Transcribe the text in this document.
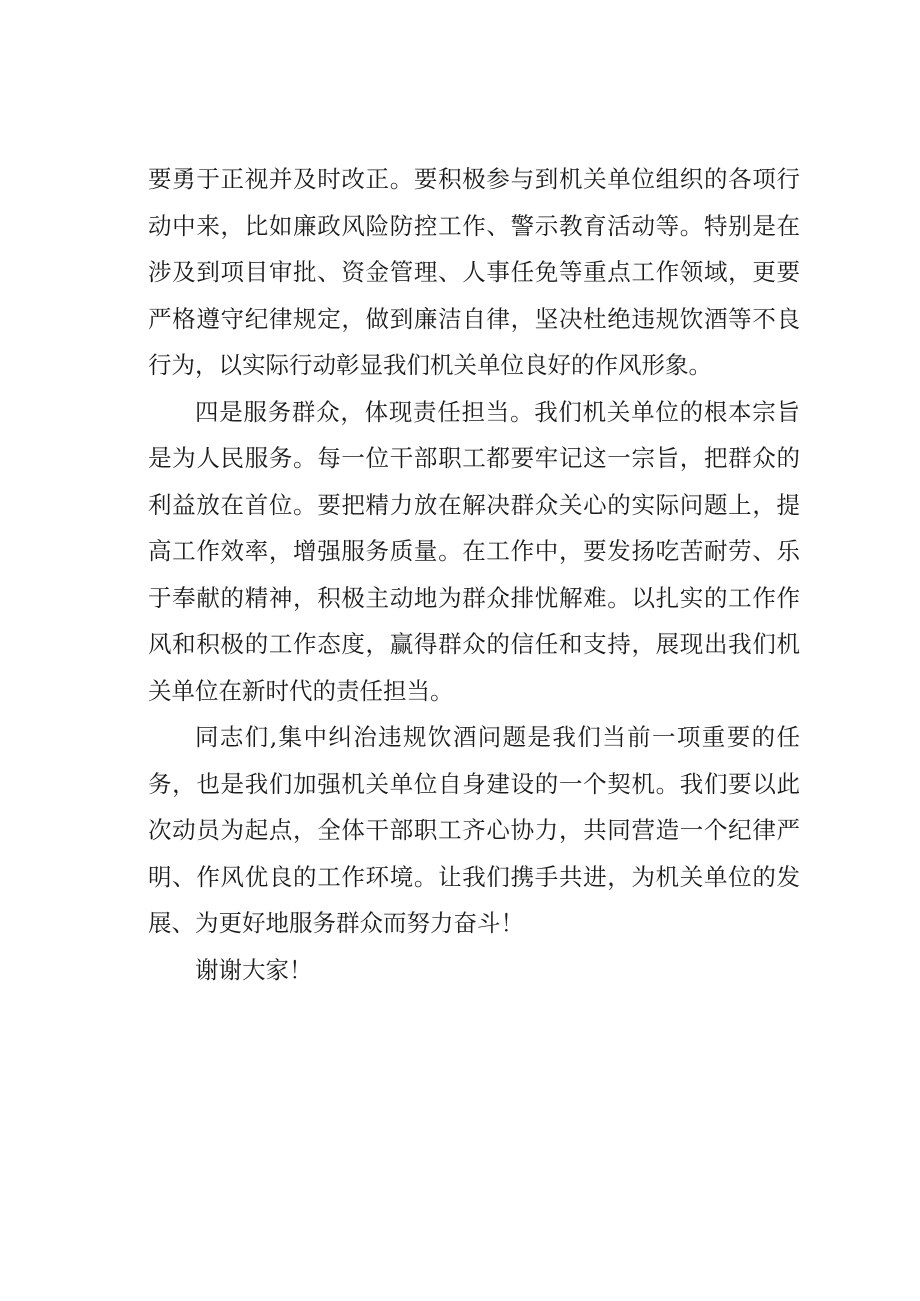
要勇于正视并及时改正。要积极参与到机关单位组织的各项行动中来，比如廉政风险防控工作、警示教育活动等。特别是在涉及到项目审批、资金管理、人事任免等重点工作领域，更要严格遵守纪律规定，做到廉洁自律，坚决杜绝违规饮酒等不良行为，以实际行动彰显我们机关单位良好的作风形象。

四是服务群众，体现责任担当。我们机关单位的根本宗旨是为人民服务。每一位干部职工都要牢记这一宗旨，把群众的利益放在首位。要把精力放在解决群众关心的实际问题上，提高工作效率，增强服务质量。在工作中，要发扬吃苦耐劳、乐于奉献的精神，积极主动地为群众排忧解难。以扎实的工作作风和积极的工作态度，赢得群众的信任和支持，展现出我们机关单位在新时代的责任担当。

同志们,集中纠治违规饮酒问题是我们当前一项重要的任务，也是我们加强机关单位自身建设的一个契机。我们要以此次动员为起点，全体干部职工齐心协力，共同营造一个纪律严明、作风优良的工作环境。让我们携手共进，为机关单位的发展、为更好地服务群众而努力奋斗！

谢谢大家！
